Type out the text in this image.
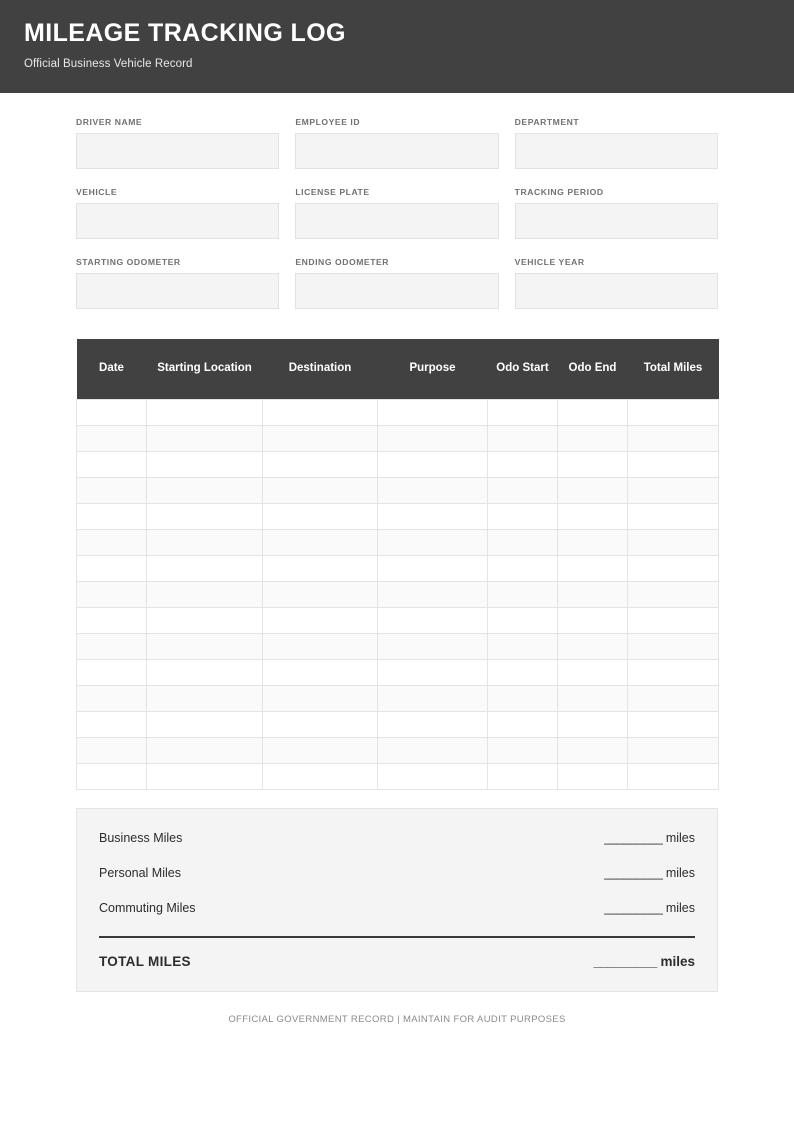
MILEAGE TRACKING LOG

Official Business Vehicle Record

DRIVER NAME	EMPLOYEE ID	DEPARTMENT
VEHICLE	LICENSE PLATE	TRACKING PERIOD
STARTING ODOMETER	ENDING ODOMETER	VEHICLE YEAR
Date	Starting Location	Destination	Purpose	Odo Start	Odo End	Total Miles

Business Miles	_________ miles
Personal Miles	_________ miles
Commuting Miles	_________ miles
TOTAL MILES	_________ miles
OFFICIAL GOVERNMENT RECORD | MAINTAIN FOR AUDIT PURPOSES
